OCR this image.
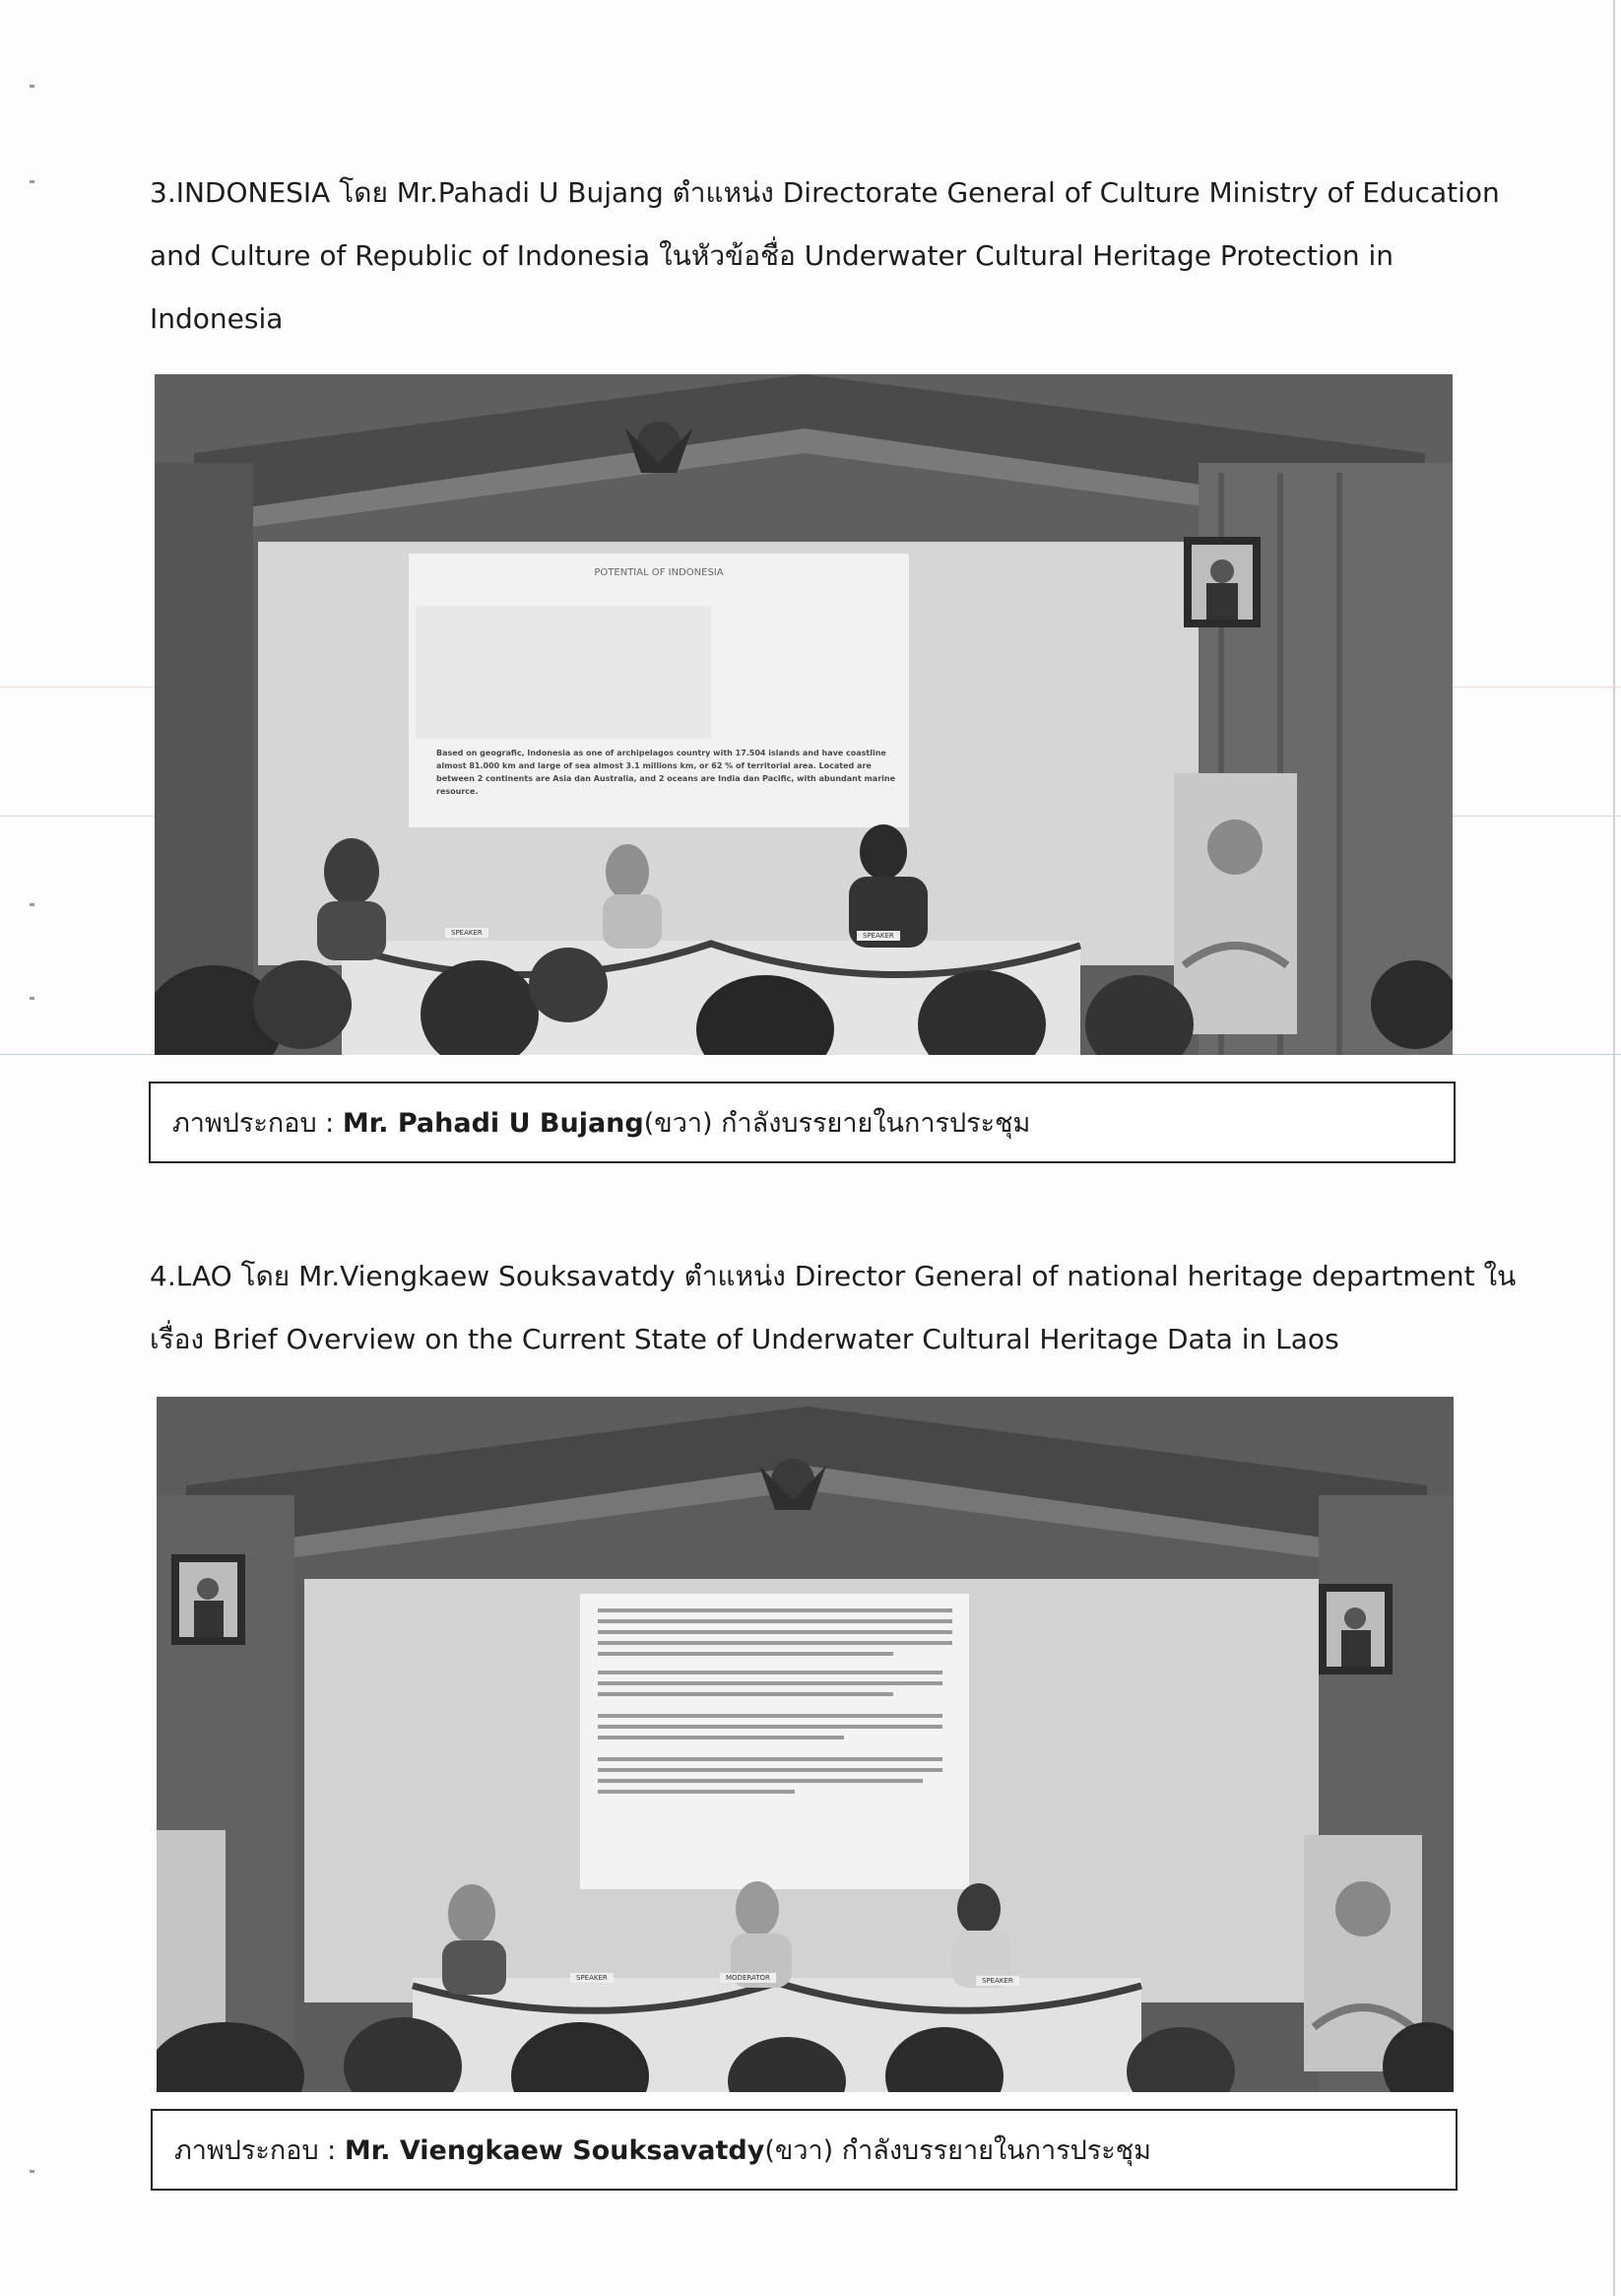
3.INDONESIA โดย Mr.Pahadi U Bujang ตำแหน่ง Directorate General of Culture Ministry of Education
and Culture of Republic of Indonesia ในหัวข้อชื่อ Underwater Cultural Heritage Protection in
Indonesia
POTENTIAL OF INDONESIA
Based on geografic, Indonesia as one of archipelagos country with 17.504 islands and have coastline almost 81.000 km and large of sea almost 3.1 millions km, or 62 % of territorial area. Located are between 2 continents are Asia dan Australia, and 2 oceans are India dan Pacific, with abundant marine resource.
SPEAKER	SPEAKER
ภาพประกอบ : Mr. Pahadi U Bujang(ขวา) กำลังบรรยายในการประชุม
4.LAO โดย Mr.Viengkaew Souksavatdy ตำแหน่ง Director General of national heritage department ใน
เรื่อง Brief Overview on the Current State of Underwater Cultural Heritage Data in Laos
SPEAKER	MODERATOR	SPEAKER
ภาพประกอบ : Mr. Viengkaew Souksavatdy(ขวา) กำลังบรรยายในการประชุม
